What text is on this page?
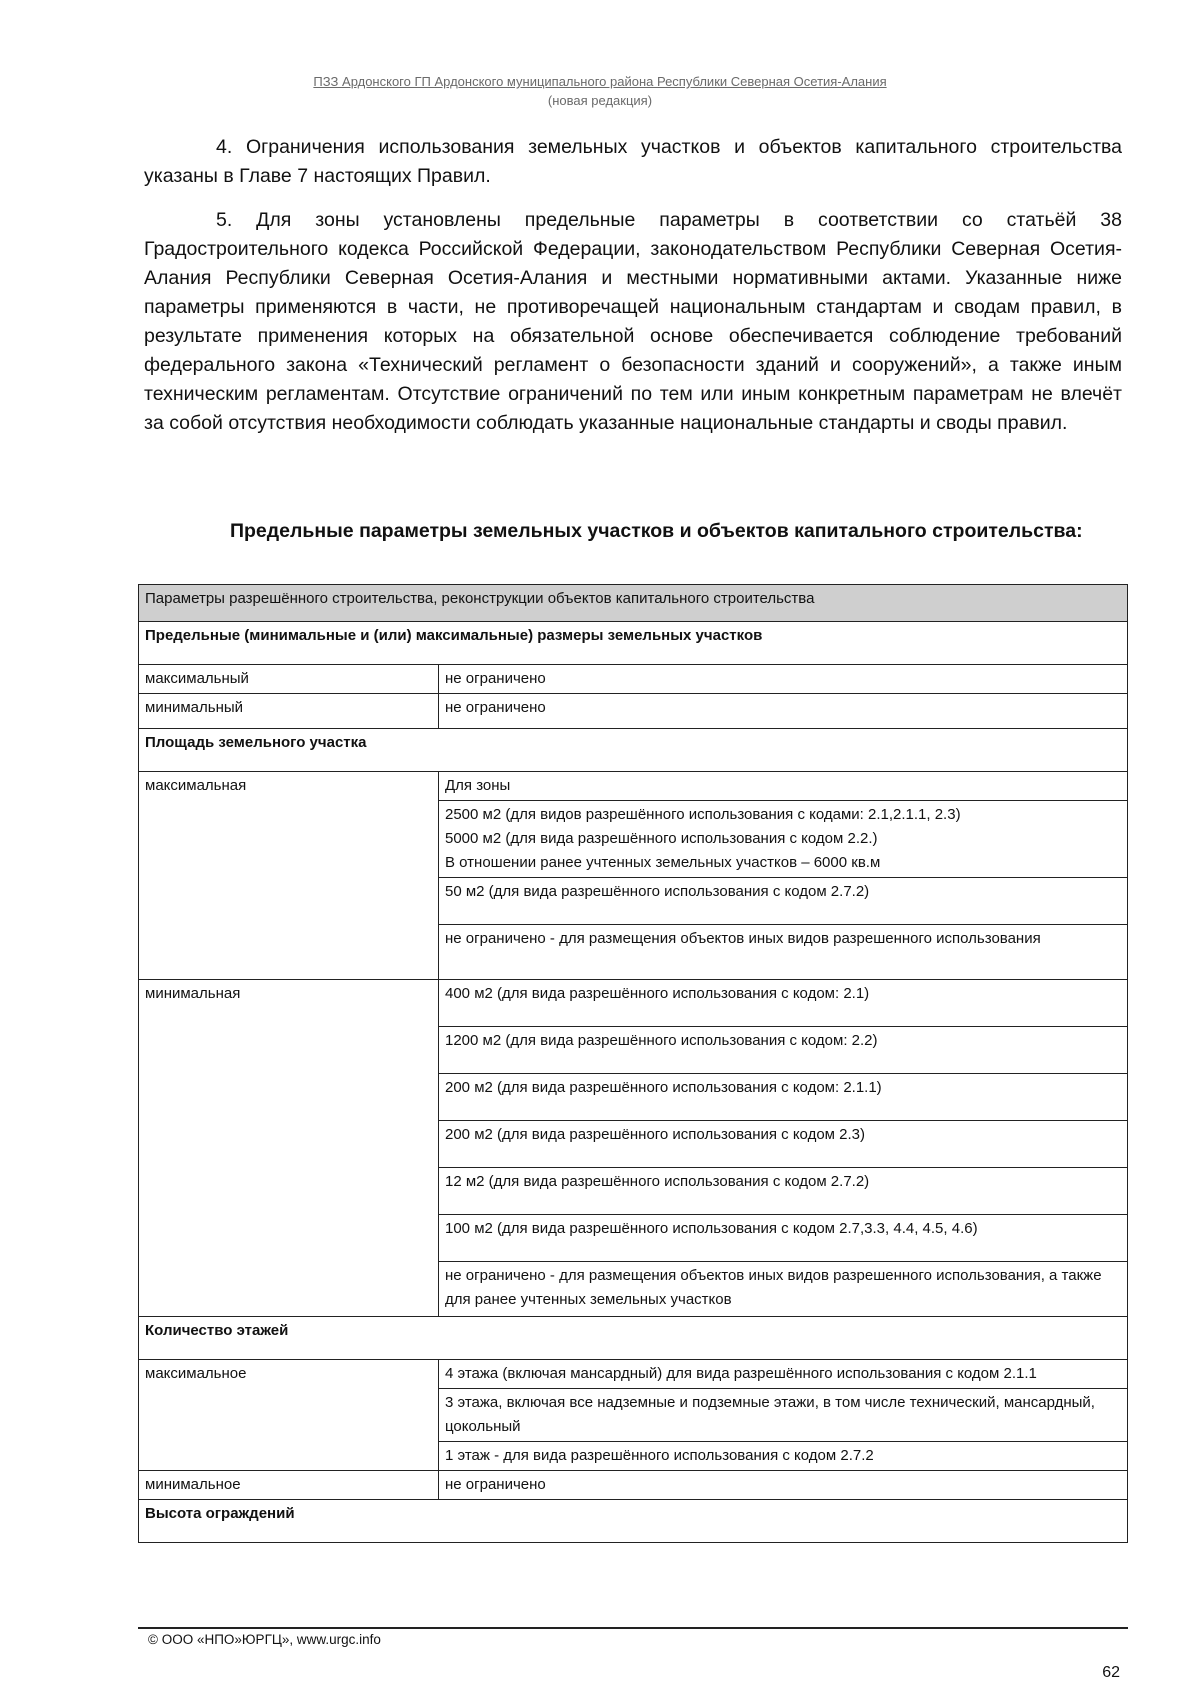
ПЗЗ Ардонского ГП Ардонского муниципального района Республики Северная Осетия-Алания
(новая редакция)

4. Ограничения использования земельных участков и объектов капитального строительства указаны в Главе 7 настоящих Правил.

5. Для зоны установлены предельные параметры в соответствии со статьёй 38 Градостроительного кодекса Российской Федерации, законодательством Республики Северная Осетия-Алания Республики Северная Осетия-Алания и местными нормативными актами. Указанные ниже параметры применяются в части, не противоречащей национальным стандартам и сводам правил, в результате применения которых на обязательной основе обеспечивается соблюдение требований федерального закона «Технический регламент о безопасности зданий и сооружений», а также иным техническим регламентам. Отсутствие ограничений по тем или иным конкретным параметрам не влечёт за собой отсутствия необходимости соблюдать указанные национальные стандарты и своды правил.

Предельные параметры земельных участков и объектов капитального строительства:
Параметры разрешённого строительства, реконструкции объектов капитального строительства	
Предельные (минимальные и (или) максимальные) размеры земельных участков	
максимальный	не ограничено
минимальный	не ограничено
Площадь земельного участка	
максимальная	Для зоны

	2500 м2 (для видов разрешённого использования с кодами: 2.1,2.1.1, 2.3)
5000 м2 (для вида разрешённого использования с кодом 2.2.)
В отношении ранее учтенных земельных участков – 6000 кв.м

	50 м2 (для вида разрешённого использования с кодом 2.7.2)
	не ограничено - для размещения объектов иных видов разрешенного использования
минимальная	400 м2 (для вида разрешённого использования с кодом: 2.1)
	1200 м2 (для вида разрешённого использования с кодом: 2.2)
	200 м2 (для вида разрешённого использования с кодом: 2.1.1)
	200 м2 (для вида разрешённого использования с кодом 2.3)
	12 м2 (для вида разрешённого использования с кодом 2.7.2)
	100 м2 (для вида разрешённого использования с кодом 2.7,3.3, 4.4, 4.5, 4.6)
	не ограничено - для размещения объектов иных видов разрешенного использования, а также для ранее учтенных земельных участков
Количество этажей	
максимальное	4 этажа (включая мансардный) для вида разрешённого использования с кодом 2.1.1
	3 этажа, включая все надземные и подземные этажи, в том числе технический, мансардный, цокольный
	1 этаж - для вида разрешённого использования с кодом 2.7.2
минимальное	не ограничено
Высота ограждений	
© ООО «НПО»ЮРГЦ», www.urgc.info
62
